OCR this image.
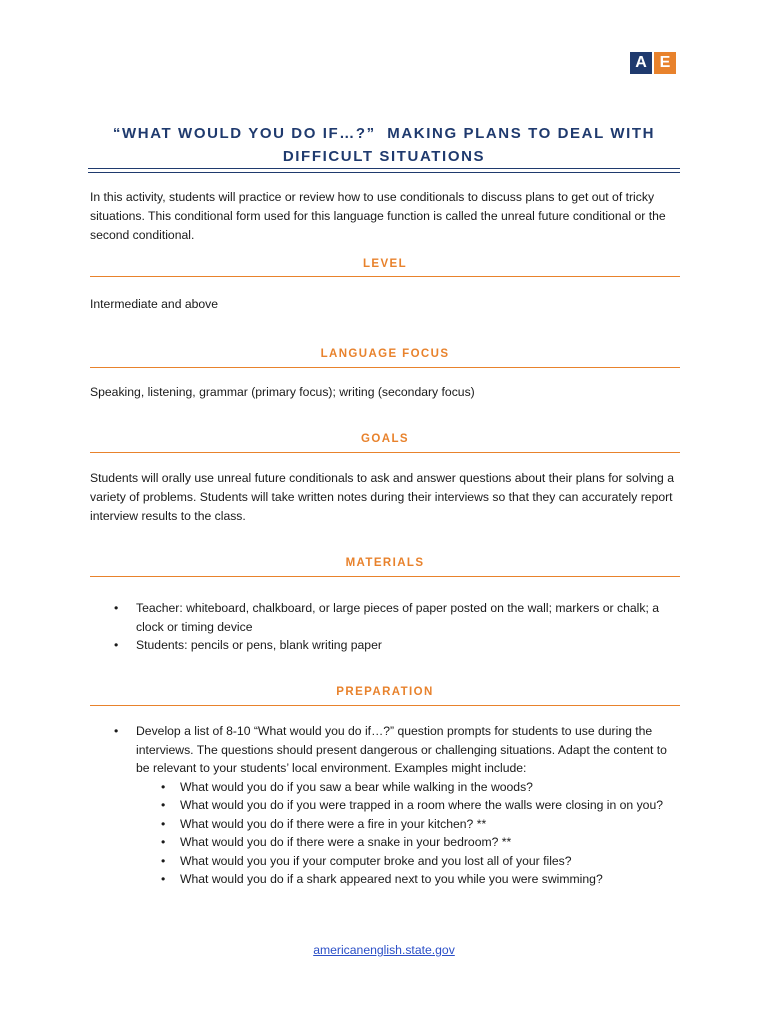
A E
“WHAT WOULD YOU DO IF…?”  MAKING PLANS TO DEAL WITH
DIFFICULT SITUATIONS
In this activity, students will practice or review how to use conditionals to discuss plans to get out of tricky situations. This conditional form used for this language function is called the unreal future conditional or the second conditional.
LEVEL
Intermediate and above
LANGUAGE FOCUS
Speaking, listening, grammar (primary focus); writing (secondary focus)
GOALS
Students will orally use unreal future conditionals to ask and answer questions about their plans for solving a variety of problems. Students will take written notes during their interviews so that they can accurately report interview results to the class.
MATERIALS
• Teacher: whiteboard, chalkboard, or large pieces of paper posted on the wall; markers or chalk; a clock or timing device
• Students: pencils or pens, blank writing paper
PREPARATION
• Develop a list of 8-10 “What would you do if…?” question prompts for students to use during the interviews. The questions should present dangerous or challenging situations. Adapt the content to be relevant to your students’ local environment. Examples might include:
• What would you do if you saw a bear while walking in the woods?
• What would you do if you were trapped in a room where the walls were closing in on you?
• What would you do if there were a fire in your kitchen? **
• What would you do if there were a snake in your bedroom? **
• What would you you if your computer broke and you lost all of your files?
• What would you do if a shark appeared next to you while you were swimming?
americanenglish.state.gov
